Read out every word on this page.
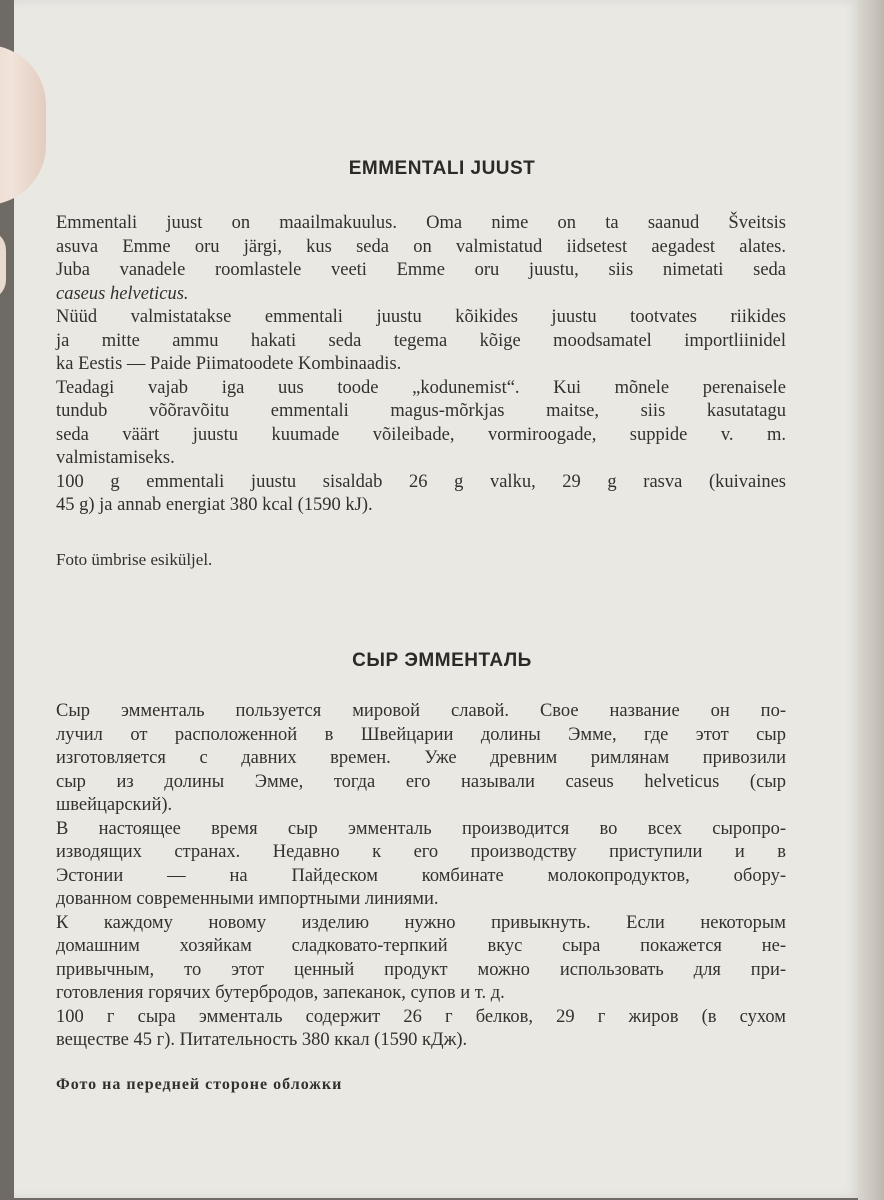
EMMENTALI JUUST
Emmentali juust on maailmakuulus. Oma nime on ta saanud Šveitsis
asuva Emme oru järgi, kus seda on valmistatud iidsetest aegadest alates.
Juba vanadele roomlastele veeti Emme oru juustu, siis nimetati seda
caseus helveticus.
Nüüd valmistatakse emmentali juustu kõikides juustu tootvates riikides
ja mitte ammu hakati seda tegema kõige moodsamatel importliinidel
ka Eestis — Paide Piimatoodete Kombinaadis.
Teadagi vajab iga uus toode „kodunemist“. Kui mõnele perenaisele
tundub võõravõitu emmentali magus-mõrkjas maitse, siis kasutatagu
seda väärt juustu kuumade võileibade, vormiroogade, suppide v. m.
valmistamiseks.
100 g emmentali juustu sisaldab 26 g valku, 29 g rasva (kuivaines
45 g) ja annab energiat 380 kcal (1590 kJ).
Foto ümbrise esiküljel.
СЫР ЭММЕНТАЛЬ
Сыр эмменталь пользуется мировой славой. Свое название он по-
лучил от расположенной в Швейцарии долины Эмме, где этот сыр
изготовляется с давних времен. Уже древним римлянам привозили
сыр из долины Эмме, тогда его называли caseus helveticus (сыр
швейцарский).
В настоящее время сыр эмменталь производится во всех сыропро-
изводящих странах. Недавно к его производству приступили и в
Эстонии — на Пайдеском комбинате молокопродуктов, обору-
дованном современными импортными линиями.
К каждому новому изделию нужно привыкнуть. Если некоторым
домашним хозяйкам сладковато-терпкий вкус сыра покажется не-
привычным, то этот ценный продукт можно использовать для при-
готовления горячих бутербродов, запеканок, супов и т. д.
100 г сыра эмменталь содержит 26 г белков, 29 г жиров (в сухом
веществе 45 г). Питательность 380 ккал (1590 кДж).
Фото на передней стороне обложки
